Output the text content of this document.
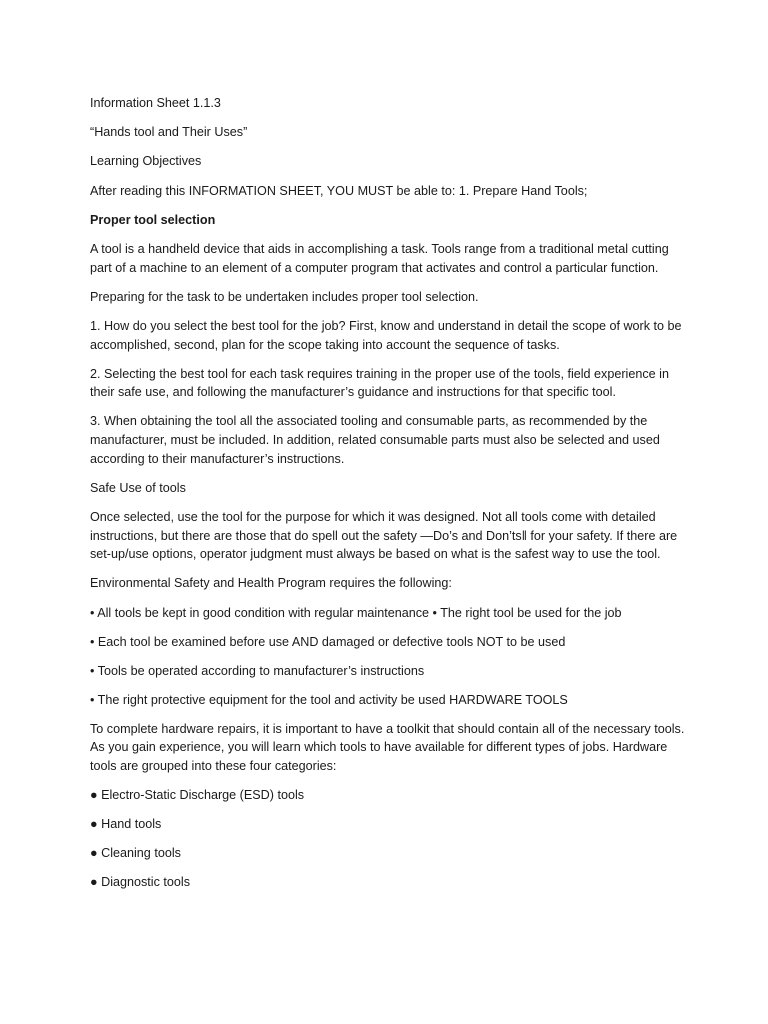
Information Sheet 1.1.3

“Hands tool and Their Uses”

Learning Objectives

After reading this INFORMATION SHEET, YOU MUST be able to: 1. Prepare Hand Tools;

Proper tool selection

A tool is a handheld device that aids in accomplishing a task. Tools range from a traditional metal cutting part of a machine to an element of a computer program that activates and control a particular function.

Preparing for the task to be undertaken includes proper tool selection.

1. How do you select the best tool for the job? First, know and understand in detail the scope of work to be accomplished, second, plan for the scope taking into account the sequence of tasks.

2. Selecting the best tool for each task requires training in the proper use of the tools, field experience in their safe use, and following the manufacturer’s guidance and instructions for that specific tool.

3. When obtaining the tool all the associated tooling and consumable parts, as recommended by the manufacturer, must be included. In addition, related consumable parts must also be selected and used according to their manufacturer’s instructions.

Safe Use of tools

Once selected, use the tool for the purpose for which it was designed. Not all tools come with detailed instructions, but there are those that do spell out the safety ―Do’s and Don’ts‖ for your safety. If there are set-up/use options, operator judgment must always be based on what is the safest way to use the tool.

Environmental Safety and Health Program requires the following:

• All tools be kept in good condition with regular maintenance • The right tool be used for the job

• Each tool be examined before use AND damaged or defective tools NOT to be used

• Tools be operated according to manufacturer’s instructions

• The right protective equipment for the tool and activity be used HARDWARE TOOLS

To complete hardware repairs, it is important to have a toolkit that should contain all of the necessary tools. As you gain experience, you will learn which tools to have available for different types of jobs. Hardware tools are grouped into these four categories:

● Electro-Static Discharge (ESD) tools

● Hand tools

● Cleaning tools

● Diagnostic tools
